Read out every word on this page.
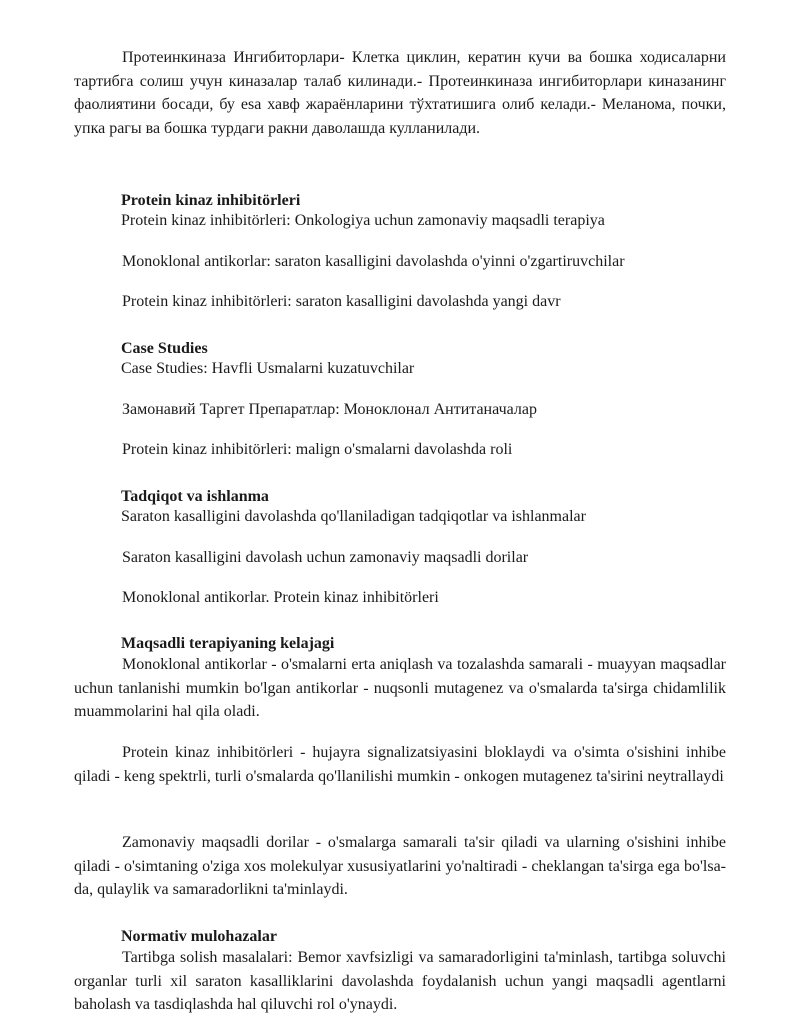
Протеинкиназа Ингибиторлари- Клетка циклин, кератин кучи ва бошка ходисаларни тартибга солиш учун киназалар талаб килинади.- Протеинкиназа ингибиторлари киназанинг фаолиятини босади, бу esa хавф жараёнларини тўхтатишига олиб келади.- Меланома, почки, упка рагы ва бошка турдаги ракни даволашда кулланилади.

Protein kinaz inhibitörleri
Protein kinaz inhibitörleri: Onkologiya uchun zamonaviy maqsadli terapiya
Monoklonal antikorlar: saraton kasalligini davolashda o'yinni o'zgartiruvchilar
Protein kinaz inhibitörleri: saraton kasalligini davolashda yangi davr
Case Studies
Case Studies: Havfli Usmalarni kuzatuvchilar
Замонавий Таргет Препаратлар: Моноклонал Антитаначалар
Protein kinaz inhibitörleri: malign o'smalarni davolashda roli
Tadqiqot va ishlanma
Saraton kasalligini davolashda qo'llaniladigan tadqiqotlar va ishlanmalar
Saraton kasalligini davolash uchun zamonaviy maqsadli dorilar
Monoklonal antikorlar. Protein kinaz inhibitörleri
Maqsadli terapiyaning kelajagi

Monoklonal antikorlar - o'smalarni erta aniqlash va tozalashda samarali - muayyan maqsadlar uchun tanlanishi mumkin bo'lgan antikorlar - nuqsonli mutagenez va o'smalarda ta'sirga chidamlilik muammolarini hal qila oladi.

Protein kinaz inhibitörleri - hujayra signalizatsiyasini bloklaydi va o'simta o'sishini inhibe qiladi - keng spektrli, turli o'smalarda qo'llanilishi mumkin - onkogen mutagenez ta'sirini neytrallaydi

Zamonaviy maqsadli dorilar - o'smalarga samarali ta'sir qiladi va ularning o'sishini inhibe qiladi - o'simtaning o'ziga xos molekulyar xususiyatlarini yo'naltiradi - cheklangan ta'sirga ega bo'lsa-da, qulaylik va samaradorlikni ta'minlaydi.

Normativ mulohazalar

Tartibga solish masalalari: Bemor xavfsizligi va samaradorligini ta'minlash, tartibga soluvchi organlar turli xil saraton kasalliklarini davolashda foydalanish uchun yangi maqsadli agentlarni baholash va tasdiqlashda hal qiluvchi rol o'ynaydi.
